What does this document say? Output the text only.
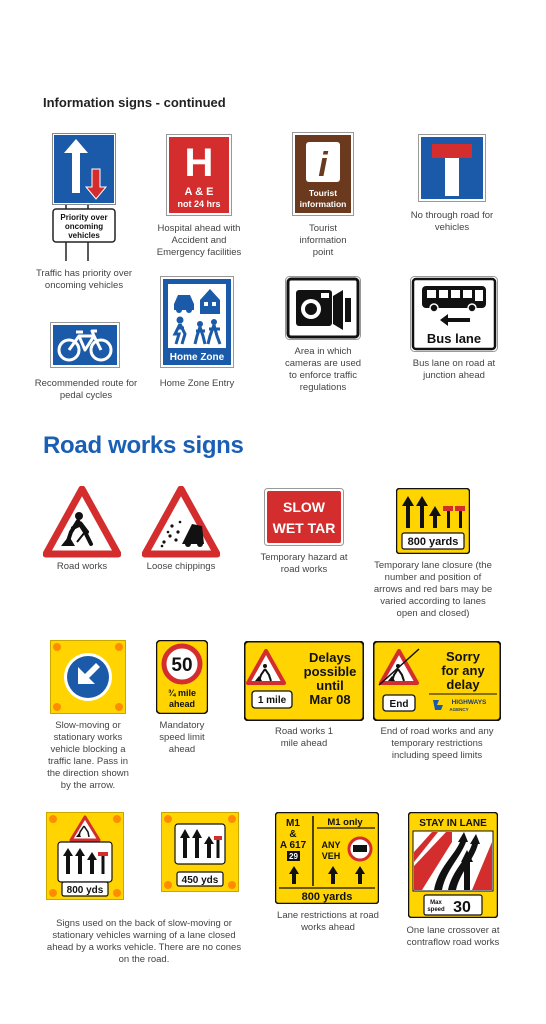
Information signs - continued
Priority over
oncoming
vehicles
Traffic has priority over oncoming vehicles
H
A & E
not 24 hrs
Hospital ahead with Accident and Emergency facilities
i
Tourist
information
Tourist information point
No through road for vehicles
Recommended route for pedal cycles
Home Zone
Home Zone Entry
Area in which cameras are used to enforce traffic regulations
Bus lane
Bus lane on road at junction ahead
Road works signs
Road works	Loose chippings
SLOW
WET TAR
Temporary hazard at road works
800 yards
Temporary lane closure (the number and position of arrows and red bars may be varied according to lanes open and closed)
Slow-moving or stationary works vehicle blocking a traffic lane. Pass in the direction shown by the arrow.
50
¾ mile
ahead
Mandatory speed limit ahead
1 mile
Delays
possible
until
Mar 08
Road works 1 mile ahead
Sorry
for any
delay
End	HIGHWAYS
AGENCY
End of road works and any temporary restrictions including speed limits
800 yds
450 yds
Signs used on the back of slow-moving or stationary vehicles warning of a lane closed ahead by a works vehicle. There are no cones on the road.
M1
&
A 617
29
M1 only
ANY
VEH
800 yards
Lane restrictions at road works ahead
STAY IN LANE
Max
speed 30
One lane crossover at contraflow road works
